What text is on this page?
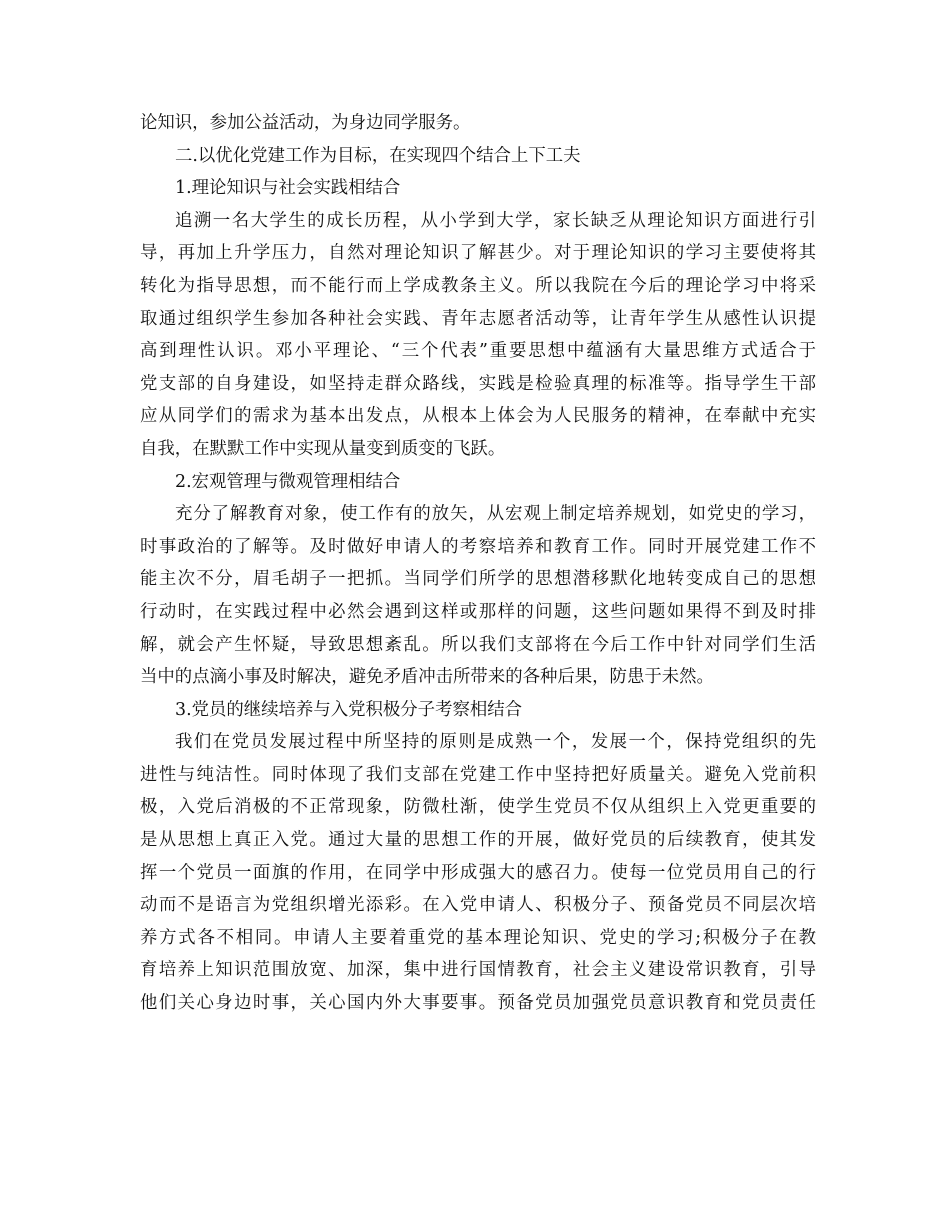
论知识，参加公益活动，为身边同学服务。
二.以优化党建工作为目标，在实现四个结合上下工夫
1.理论知识与社会实践相结合
追溯一名大学生的成长历程，从小学到大学，家长缺乏从理论知识方面进行引
导，再加上升学压力，自然对理论知识了解甚少。对于理论知识的学习主要使将其
转化为指导思想，而不能行而上学成教条主义。所以我院在今后的理论学习中将采
取通过组织学生参加各种社会实践、青年志愿者活动等，让青年学生从感性认识提
高到理性认识。邓小平理论、“三个代表”重要思想中蕴涵有大量思维方式适合于
党支部的自身建设，如坚持走群众路线，实践是检验真理的标准等。指导学生干部
应从同学们的需求为基本出发点，从根本上体会为人民服务的精神，在奉献中充实
自我，在默默工作中实现从量变到质变的飞跃。
2.宏观管理与微观管理相结合
充分了解教育对象，使工作有的放矢，从宏观上制定培养规划，如党史的学习，
时事政治的了解等。及时做好申请人的考察培养和教育工作。同时开展党建工作不
能主次不分，眉毛胡子一把抓。当同学们所学的思想潜移默化地转变成自己的思想
行动时，在实践过程中必然会遇到这样或那样的问题，这些问题如果得不到及时排
解，就会产生怀疑，导致思想紊乱。所以我们支部将在今后工作中针对同学们生活
当中的点滴小事及时解决，避免矛盾冲击所带来的各种后果，防患于未然。
3.党员的继续培养与入党积极分子考察相结合
我们在党员发展过程中所坚持的原则是成熟一个，发展一个，保持党组织的先
进性与纯洁性。同时体现了我们支部在党建工作中坚持把好质量关。避免入党前积
极，入党后消极的不正常现象，防微杜渐，使学生党员不仅从组织上入党更重要的
是从思想上真正入党。通过大量的思想工作的开展，做好党员的后续教育，使其发
挥一个党员一面旗的作用，在同学中形成强大的感召力。使每一位党员用自己的行
动而不是语言为党组织增光添彩。在入党申请人、积极分子、预备党员不同层次培
养方式各不相同。申请人主要着重党的基本理论知识、党史的学习;积极分子在教
育培养上知识范围放宽、加深，集中进行国情教育，社会主义建设常识教育，引导
他们关心身边时事，关心国内外大事要事。预备党员加强党员意识教育和党员责任
